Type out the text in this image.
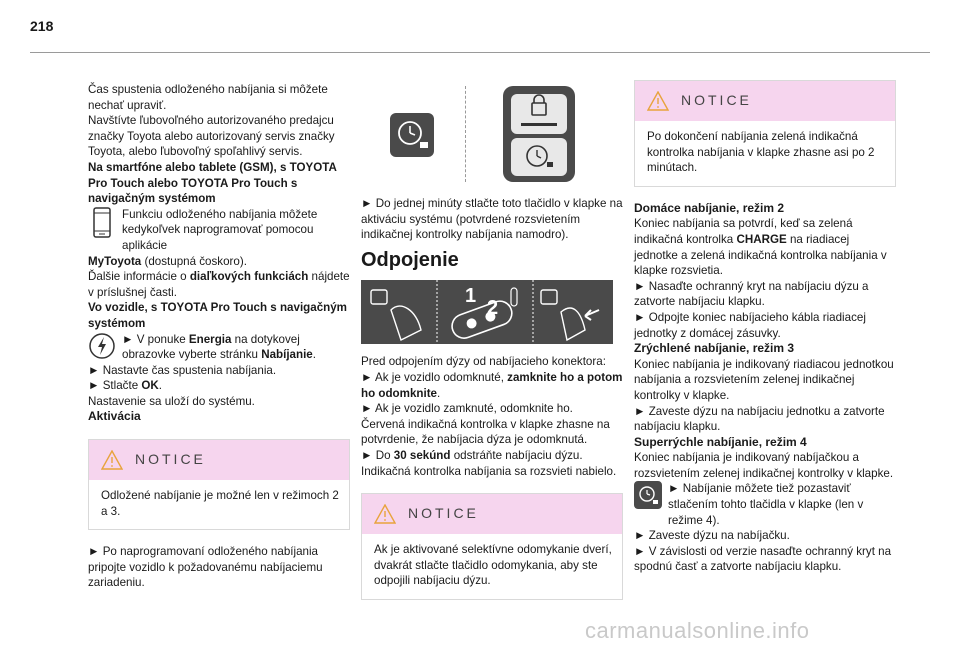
218

Čas spustenia odloženého nabíjania si môžete nechať upraviť.

Navštívte ľubovoľného autorizovaného predajcu značky Toyota alebo autorizovaný servis značky Toyota, alebo ľubovoľný spoľahlivý servis.

Na smartfóne alebo tablete (GSM), s TOYOTA Pro Touch alebo TOYOTA Pro Touch s navigačným systémom

Funkciu odloženého nabíjania môžete kedykoľvek naprogramovať pomocou aplikácie

MyToyota (dostupná čoskoro).

Ďalšie informácie o diaľkových funkciách nájdete v príslušnej časti.

Vo vozidle, s TOYOTA Pro Touch s navigačným systémom

► V ponuke Energia na dotykovej obrazovke vyberte stránku Nabíjanie.

► Nastavte čas spustenia nabíjania.

► Stlačte OK.

Nastavenie sa uloží do systému.

Aktivácia

NOTICE
Odložené nabíjanie je možné len v režimoch 2 a 3.

► Po naprogramovaní odloženého nabíjania pripojte vozidlo k požadovanému nabíjaciemu zariadeniu.

► Do jednej minúty stlačte toto tlačidlo v klapke na aktiváciu systému (potvrdené rozsvietením indikačnej kontrolky nabíjania namodro).

Odpojenie
1
2

Pred odpojením dýzy od nabíjacieho konektora:

► Ak je vozidlo odomknuté, zamknite ho a potom ho odomknite.

► Ak je vozidlo zamknuté, odomknite ho.

Červená indikačná kontrolka v klapke zhasne na potvrdenie, že nabíjacia dýza je odomknutá.

► Do 30 sekúnd odstráňte nabíjaciu dýzu.

Indikačná kontrolka nabíjania sa rozsvieti nabielo.

NOTICE
Ak je aktivované selektívne odomykanie dverí, dvakrát stlačte tlačidlo odomykania, aby ste odpojili nabíjaciu dýzu.
NOTICE
Po dokončení nabíjania zelená indikačná kontrolka nabíjania v klapke zhasne asi po 2 minútach.

Domáce nabíjanie, režim 2

Koniec nabíjania sa potvrdí, keď sa zelená indikačná kontrolka CHARGE na riadiacej jednotke a zelená indikačná kontrolka nabíjania v klapke rozsvietia.

► Nasaďte ochranný kryt na nabíjaciu dýzu a zatvorte nabíjaciu klapku.

► Odpojte koniec nabíjacieho kábla riadiacej jednotky z domácej zásuvky.

Zrýchlené nabíjanie, režim 3

Koniec nabíjania je indikovaný riadiacou jednotkou nabíjania a rozsvietením zelenej indikačnej kontrolky v klapke.

► Zaveste dýzu na nabíjaciu jednotku a zatvorte nabíjaciu klapku.

Superrýchle nabíjanie, režim 4

Koniec nabíjania je indikovaný nabíjačkou a rozsvietením zelenej indikačnej kontrolky v klapke.

► Nabíjanie môžete tiež pozastaviť stlačením tohto tlačidla v klapke (len v režime 4).

► Zaveste dýzu na nabíjačku.

► V závislosti od verzie nasaďte ochranný kryt na spodnú časť a zatvorte nabíjaciu klapku.

carmanualsonline.info
